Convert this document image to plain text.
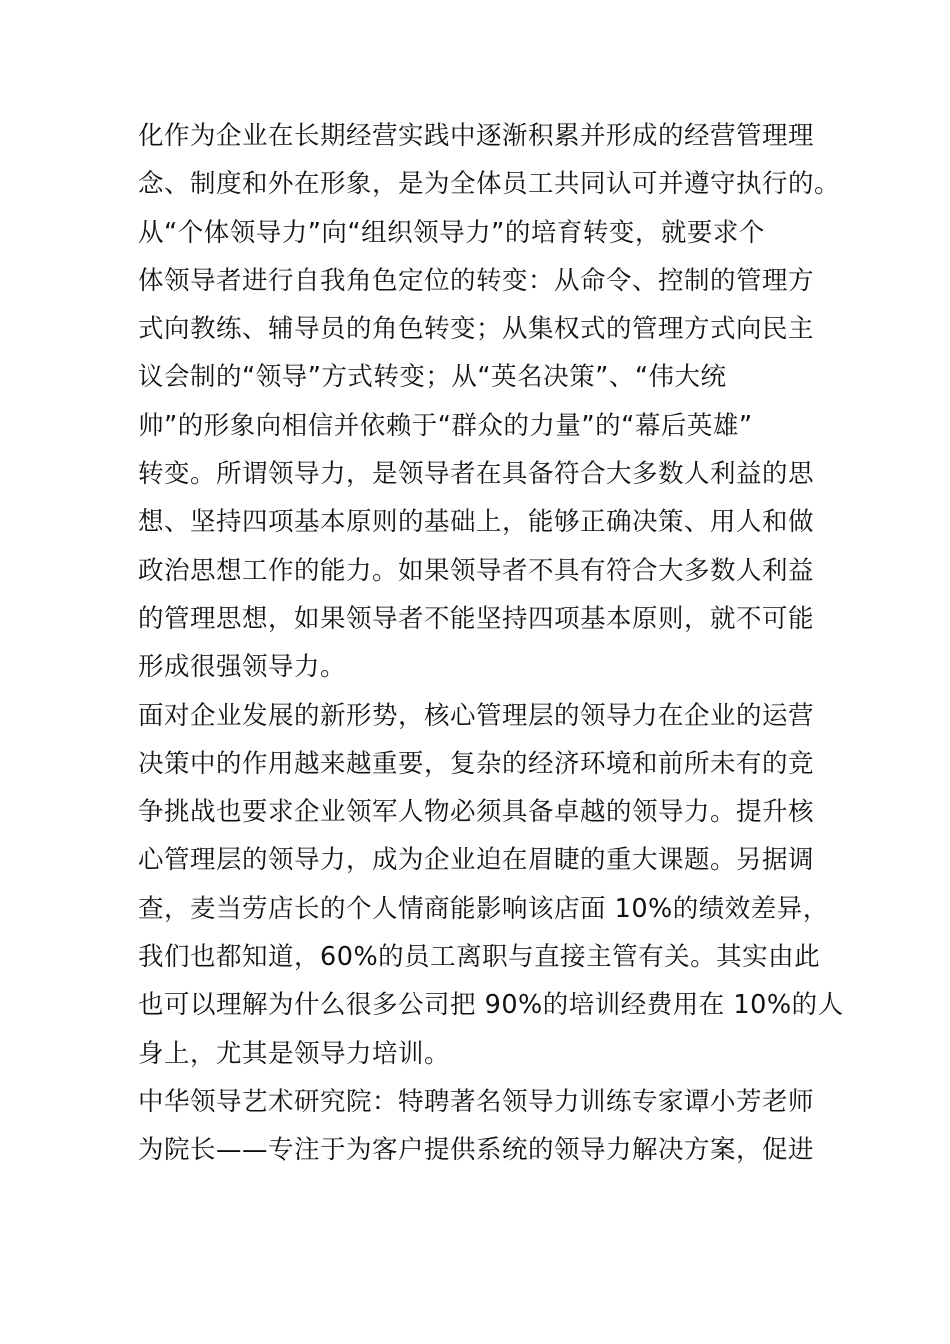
化作为企业在长期经营实践中逐渐积累并形成的经营管理理
念、制度和外在形象，是为全体员工共同认可并遵守执行的。
从“个体领导力”向“组织领导力”的培育转变，就要求个
体领导者进行自我角色定位的转变：从命令、控制的管理方
式向教练、辅导员的角色转变；从集权式的管理方式向民主
议会制的“领导”方式转变；从“英名决策”、“伟大统
帅”的形象向相信并依赖于“群众的力量”的“幕后英雄”
转变。所谓领导力，是领导者在具备符合大多数人利益的思
想、坚持四项基本原则的基础上，能够正确决策、用人和做
政治思想工作的能力。如果领导者不具有符合大多数人利益
的管理思想，如果领导者不能坚持四项基本原则，就不可能
形成很强领导力。
面对企业发展的新形势，核心管理层的领导力在企业的运营
决策中的作用越来越重要，复杂的经济环境和前所未有的竞
争挑战也要求企业领军人物必须具备卓越的领导力。提升核
心管理层的领导力，成为企业迫在眉睫的重大课题。另据调
查，麦当劳店长的个人情商能影响该店面 10%的绩效差异，
我们也都知道，60%的员工离职与直接主管有关。其实由此
也可以理解为什么很多公司把 90%的培训经费用在 10%的人
身上，尤其是领导力培训。
中华领导艺术研究院：特聘著名领导力训练专家谭小芳老师
为院长——专注于为客户提供系统的领导力解决方案，促进
